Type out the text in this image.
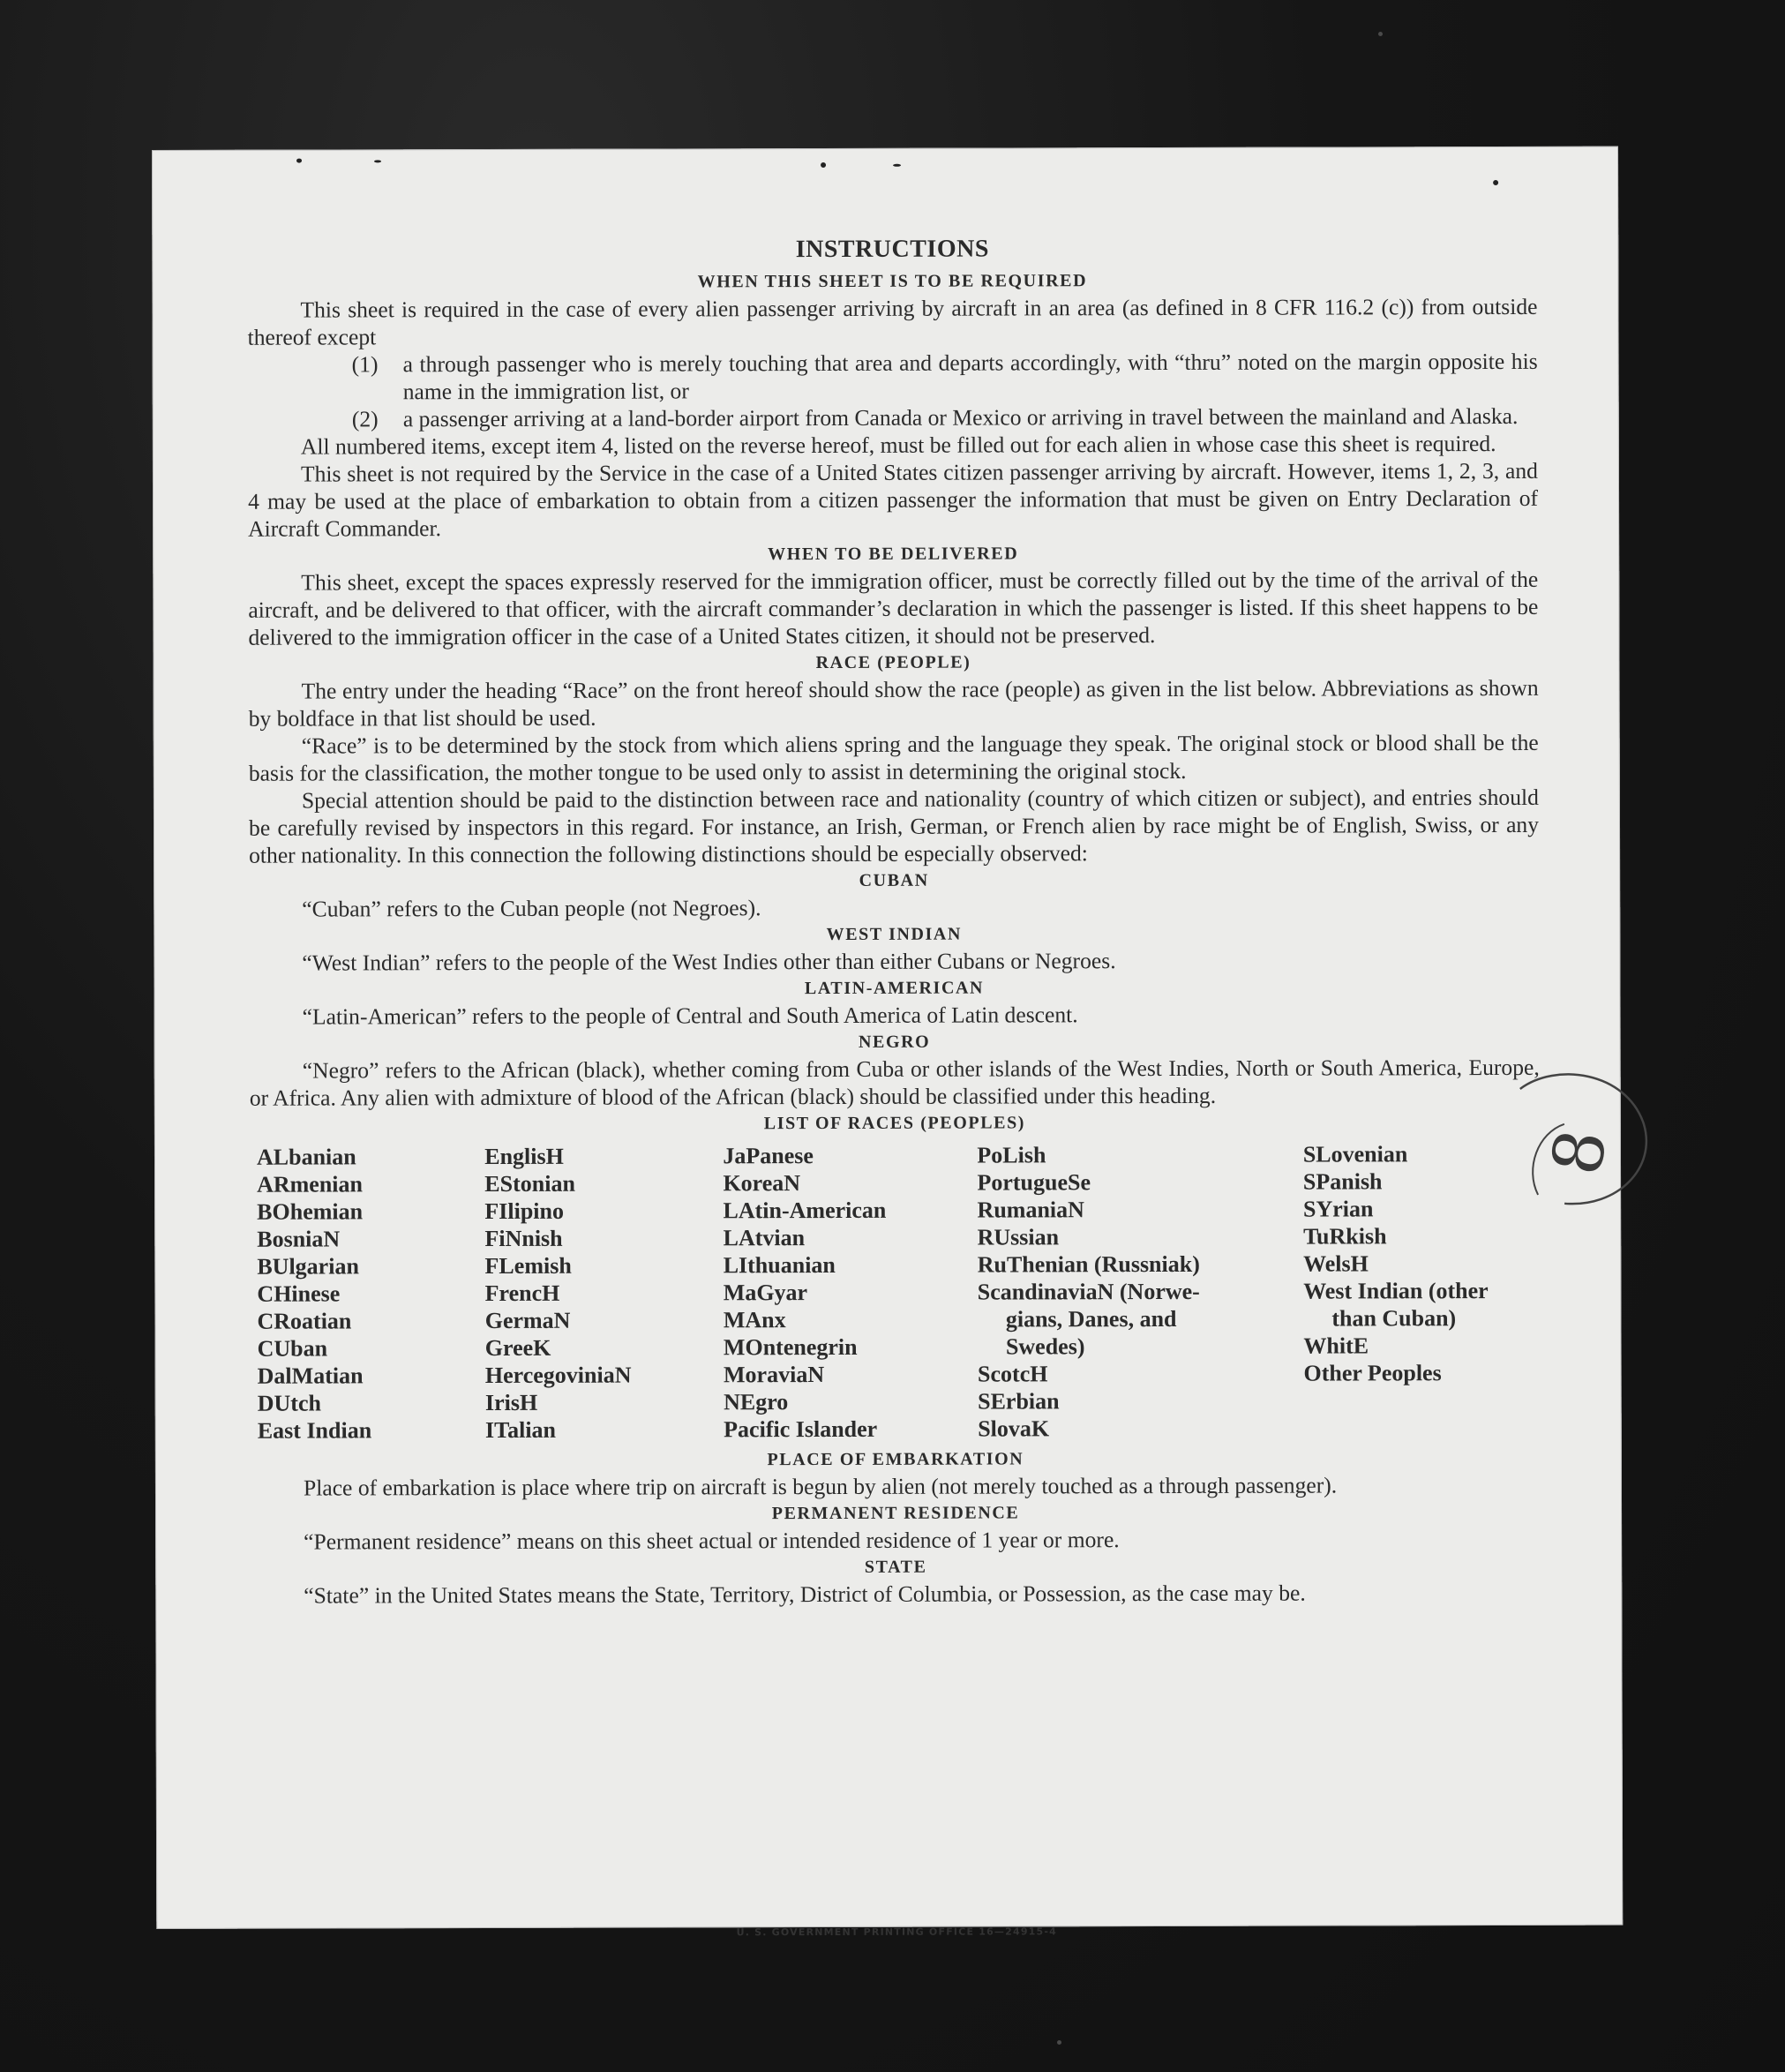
INSTRUCTIONS
WHEN THIS SHEET IS TO BE REQUIRED

This sheet is required in the case of every alien passenger arriving by aircraft in an area (as defined in 8 CFR 116.2 (c)) from outside thereof except

(1)	a through passenger who is merely touching that area and departs accordingly, with “thru” noted on the margin opposite his name in the immigration list, or
(2)	a passenger arriving at a land-border airport from Canada or Mexico or arriving in travel between the mainland and Alaska.

All numbered items, except item 4, listed on the reverse hereof, must be filled out for each alien in whose case this sheet is required.

This sheet is not required by the Service in the case of a United States citizen passenger arriving by aircraft. However, items 1, 2, 3, and 4 may be used at the place of embarkation to obtain from a citizen passenger the information that must be given on Entry Declaration of Aircraft Commander.

WHEN TO BE DELIVERED

This sheet, except the spaces expressly reserved for the immigration officer, must be correctly filled out by the time of the arrival of the aircraft, and be delivered to that officer, with the aircraft commander’s declaration in which the passenger is listed. If this sheet happens to be delivered to the immigration officer in the case of a United States citizen, it should not be preserved.

RACE (PEOPLE)

The entry under the heading “Race” on the front hereof should show the race (people) as given in the list below. Abbreviations as shown by boldface in that list should be used.

“Race” is to be determined by the stock from which aliens spring and the language they speak. The original stock or blood shall be the basis for the classification, the mother tongue to be used only to assist in determining the original stock.

Special attention should be paid to the distinction between race and nationality (country of which citizen or subject), and entries should be carefully revised by inspectors in this regard. For instance, an Irish, German, or French alien by race might be of English, Swiss, or any other nationality. In this connection the following distinctions should be especially observed:

CUBAN

“Cuban” refers to the Cuban people (not Negroes).

WEST INDIAN

“West Indian” refers to the people of the West Indies other than either Cubans or Negroes.

LATIN-AMERICAN

“Latin-American” refers to the people of Central and South America of Latin descent.

NEGRO

“Negro” refers to the African (black), whether coming from Cuba or other islands of the West Indies, North or South America, Europe, or Africa. Any alien with admixture of blood of the African (black) should be classified under this heading.

LIST OF RACES (PEOPLES)
ALbanian
ARmenian
BOhemian
BosniaN
BUlgarian
CHinese
CRoatian
CUban
DalMatian
DUtch
East Indian
EnglisH
EStonian
FIlipino
FiNnish
FLemish
FrencH
GermaN
GreeK
HercegoviniaN
IrisH
ITalian
JaPanese
KoreaN
LAtin-American
LAtvian
LIthuanian
MaGyar
MAnx
MOntenegrin
MoraviaN
NEgro
Pacific Islander
PoLish
PortugueSe
RumaniaN
RUssian
RuThenian (Russniak)
ScandinaviaN (Norwe-
gians, Danes, and
Swedes)
ScotcH
SErbian
SlovaK
SLovenian
SPanish
SYrian
TuRkish
WelsH
West Indian (other
than Cuban)
WhitE
Other Peoples
PLACE OF EMBARKATION

Place of embarkation is place where trip on aircraft is begun by alien (not merely touched as a through passenger).

PERMANENT RESIDENCE

“Permanent residence” means on this sheet actual or intended residence of 1 year or more.

STATE

“State” in the United States means the State, Territory, District of Columbia, or Possession, as the case may be.

U. S. GOVERNMENT PRINTING OFFICE 16—24915-4
8
